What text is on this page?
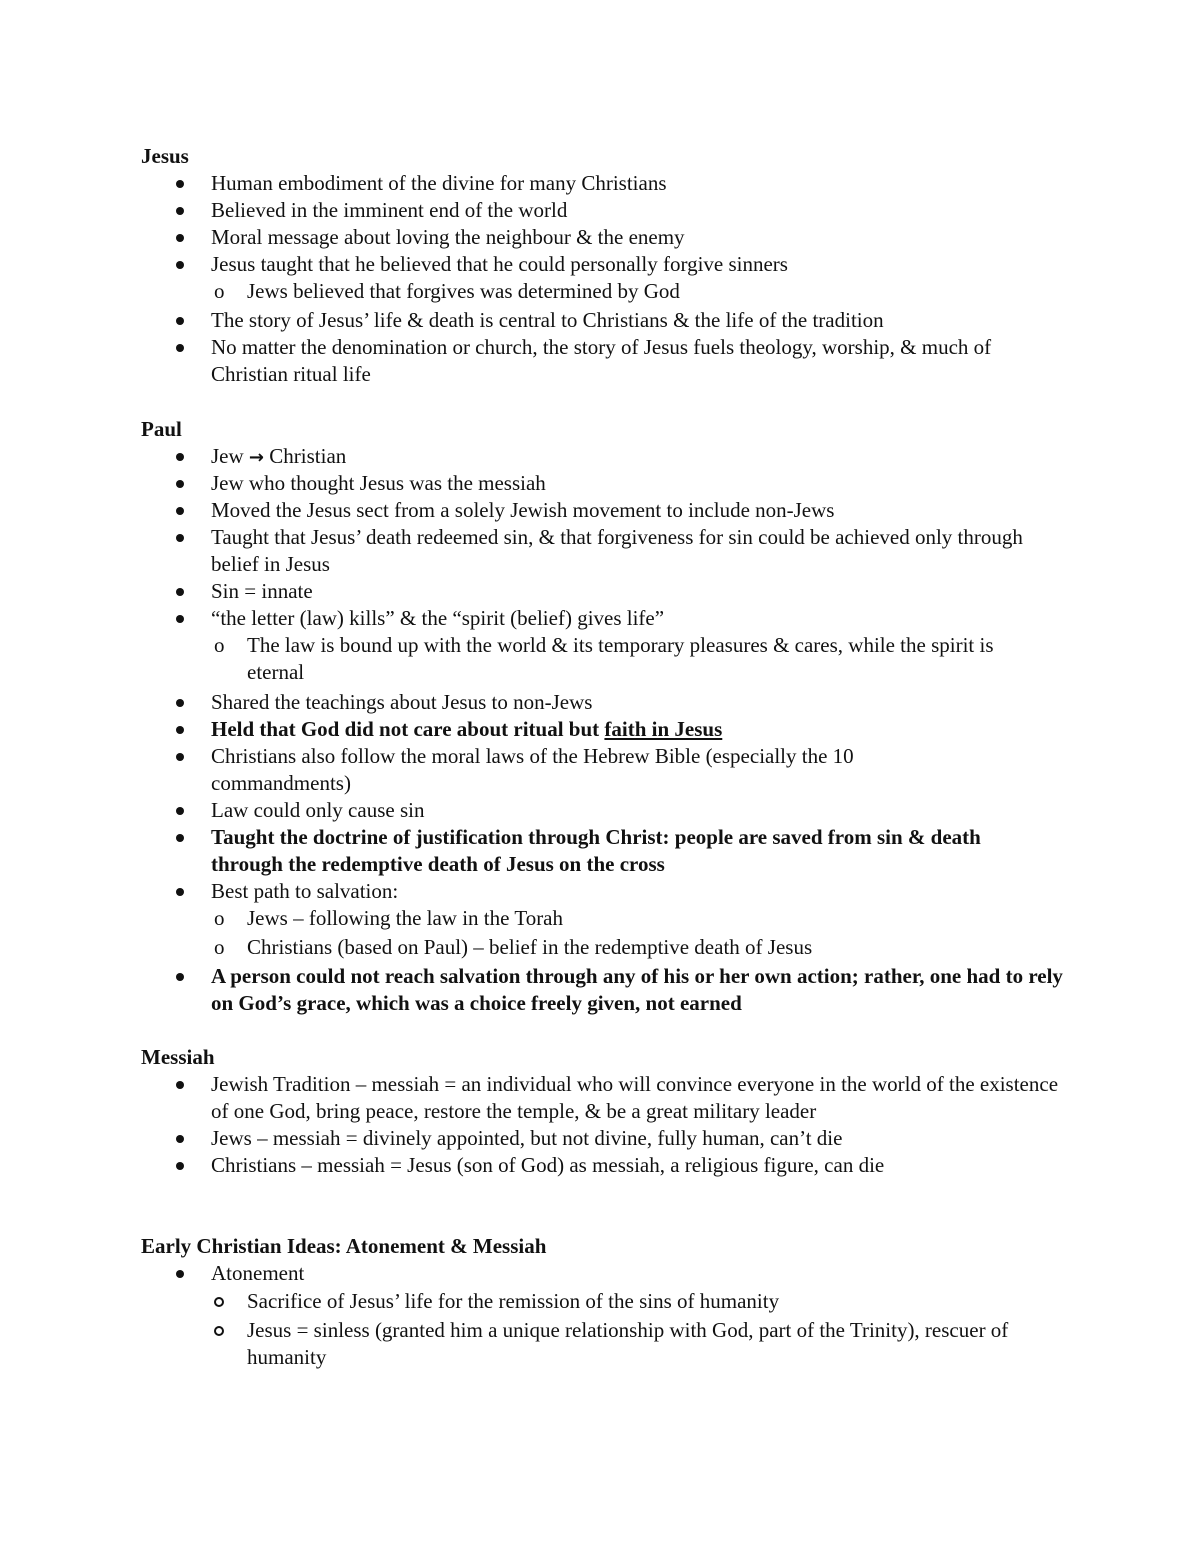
Jesus
Human embodiment of the divine for many Christians
Believed in the imminent end of the world
Moral message about loving the neighbour & the enemy
Jesus taught that he believed that he could personally forgive sinners
o Jews believed that forgives was determined by God
The story of Jesus’ life & death is central to Christians & the life of the tradition
No matter the denomination or church, the story of Jesus fuels theology, worship, & much of Christian ritual life
Paul
Jew → Christian
Jew who thought Jesus was the messiah
Moved the Jesus sect from a solely Jewish movement to include non-Jews
Taught that Jesus’ death redeemed sin, & that forgiveness for sin could be achieved only through belief in Jesus
Sin = innate
“the letter (law) kills” & the “spirit (belief) gives life”
o The law is bound up with the world & its temporary pleasures & cares, while the spirit is eternal
Shared the teachings about Jesus to non-Jews
Held that God did not care about ritual but faith in Jesus
Christians also follow the moral laws of the Hebrew Bible (especially the 10 commandments)
Law could only cause sin
Taught the doctrine of justification through Christ: people are saved from sin & death through the redemptive death of Jesus on the cross
Best path to salvation:
o Jews – following the law in the Torah
o Christians (based on Paul) – belief in the redemptive death of Jesus
A person could not reach salvation through any of his or her own action; rather, one had to rely on God’s grace, which was a choice freely given, not earned
Messiah
Jewish Tradition – messiah = an individual who will convince everyone in the world of the existence of one God, bring peace, restore the temple, & be a great military leader
Jews – messiah = divinely appointed, but not divine, fully human, can’t die
Christians – messiah = Jesus (son of God) as messiah, a religious figure, can die
Early Christian Ideas: Atonement & Messiah
Atonement
Sacrifice of Jesus’ life for the remission of the sins of humanity
Jesus = sinless (granted him a unique relationship with God, part of the Trinity), rescuer of humanity
